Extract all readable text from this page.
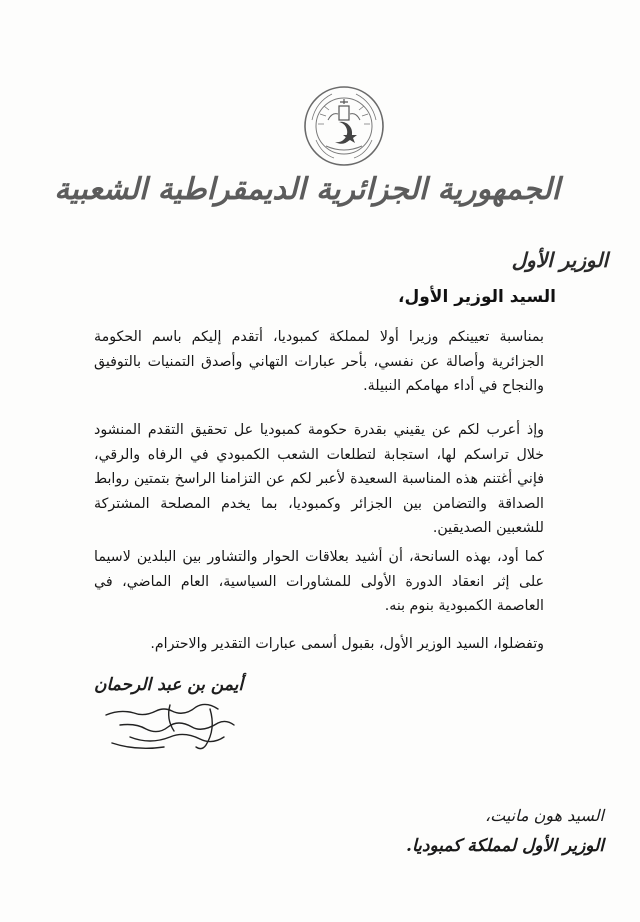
الجمهورية الجزائرية الديمقراطية الشعبية
الوزير الأول
السيد الوزير الأول،
بمناسبة تعيينكم وزيرا أولا لمملكة كمبوديا، أتقدم إليكم باسم الحكومة الجزائرية وأصالة عن نفسي، بأحر عبارات التهاني وأصدق التمنيات بالتوفيق والنجاح في أداء مهامكم النبيلة.
وإذ أعرب لكم عن يقيني بقدرة حكومة كمبوديا عل تحقيق التقدم المنشود خلال تراسكم لها، استجابة لتطلعات الشعب الكمبودي في الرفاه والرقي، فإني أغتنم هذه المناسبة السعيدة لأعبر لكم عن التزامنا الراسخ بتمتين روابط الصداقة والتضامن بين الجزائر وكمبوديا، بما يخدم المصلحة المشتركة للشعبين الصديقين.
كما أود، بهذه السانحة، أن أشيد بعلاقات الحوار والتشاور بين البلدين لاسيما على إثر انعقاد الدورة الأولى للمشاورات السياسية، العام الماضي، في العاصمة الكمبودية بنوم بنه.
وتفضلوا، السيد الوزير الأول، بقبول أسمى عبارات التقدير والاحترام.
أيمن بن عبد الرحمان
السيد هون مانيت،
الوزير الأول لمملكة كمبوديا.
